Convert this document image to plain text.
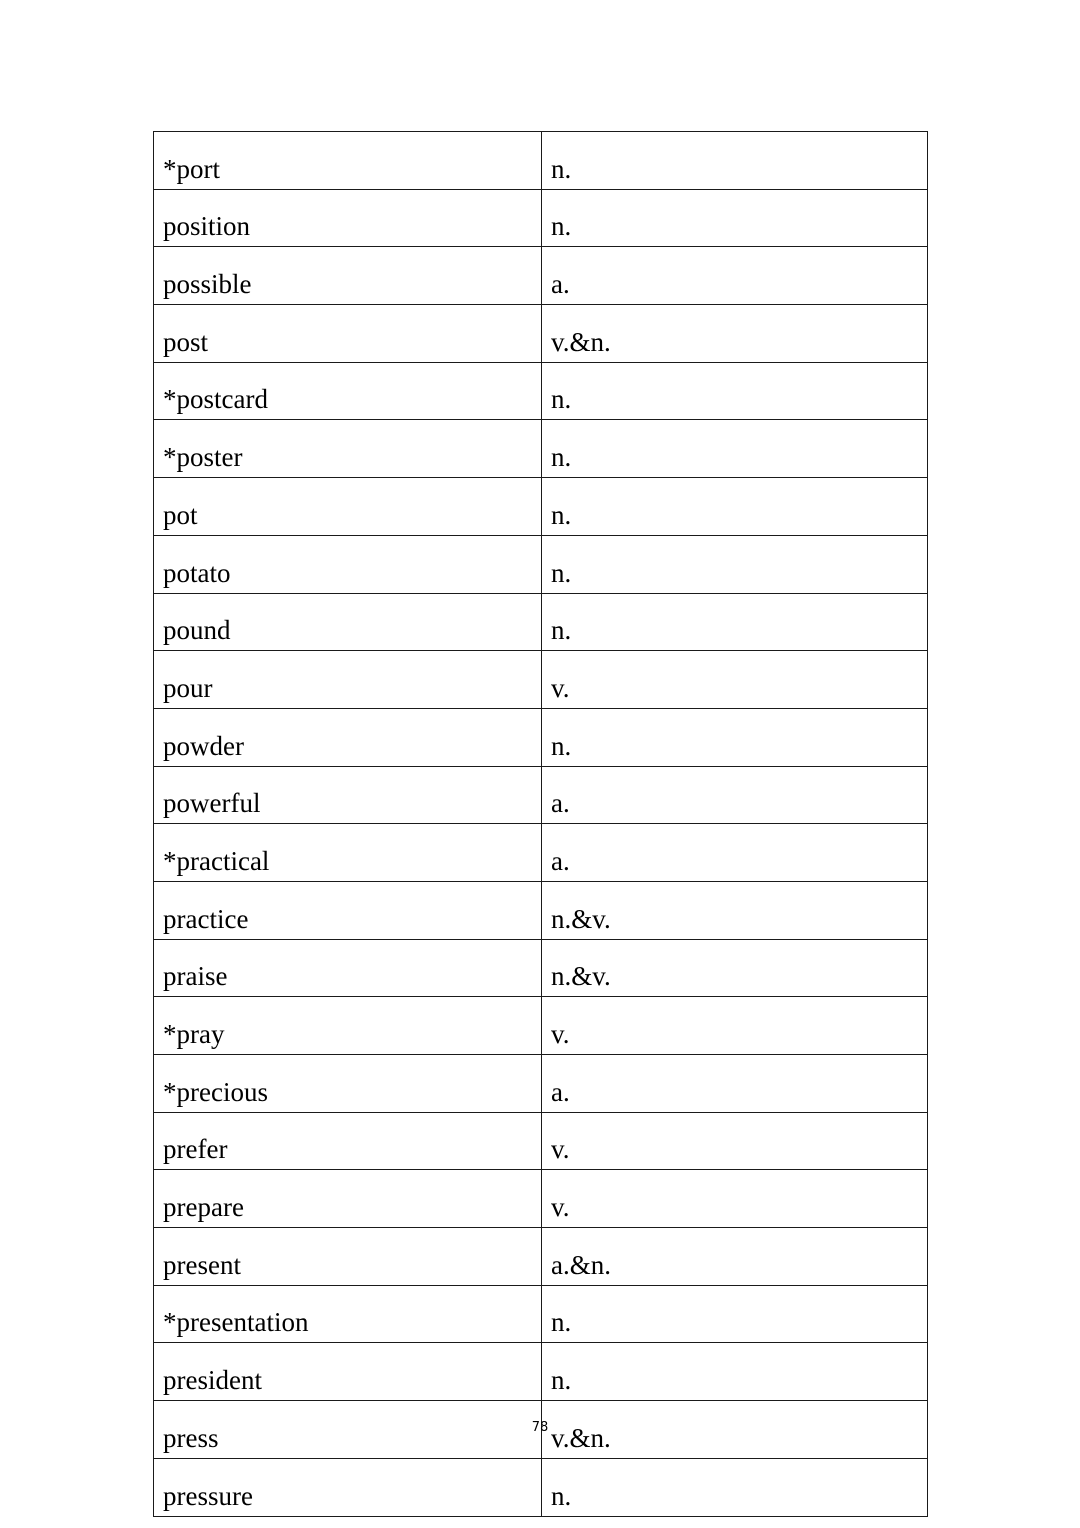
*port	n.
position	n.
possible	a.
post	v.&n.
*postcard	n.
*poster	n.
pot	n.
potato	n.
pound	n.
pour	v.
powder	n.
powerful	a.
*practical	a.
practice	n.&v.
praise	n.&v.
*pray	v.
*precious	a.
prefer	v.
prepare	v.
present	a.&n.
*presentation	n.
president	n.
press	v.&n.
pressure	n.
78
